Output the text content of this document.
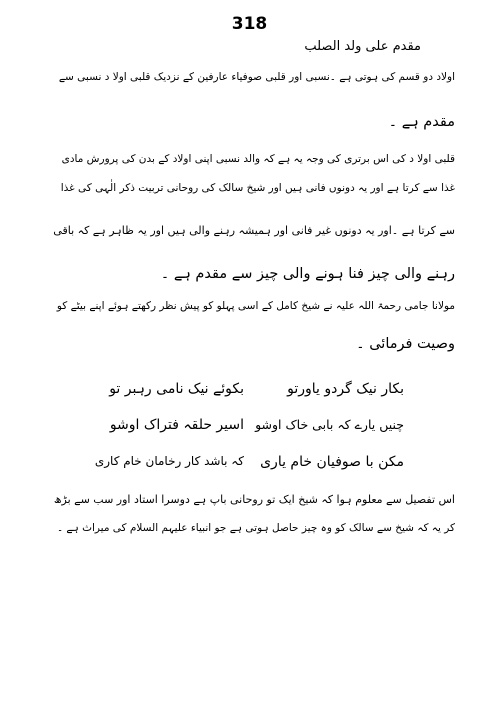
318
مقدم علی ولد الصلب
اولاد دو قسم کی ہوتی ہے ۔نسبی اور قلبی صوفیاء عارفین کے نزدیک قلبی اولا د نسبی سے
مقدم ہے ۔
قلبی اولا د کی اس برتری کی وجہ یہ ہے کہ والد نسبی اپنی اولاد کے بدن کی پرورش مادی
غذا سے کرتا ہے اور یہ دونوں فانی ہیں اور شیخ سالک کی روحانی تربیت ذکر الٰہی کی غذا
سے کرتا ہے ۔اور یہ دونوں غیر فانی اور ہمیشہ رہنے والی ہیں اور یہ ظاہر ہے کہ باقی
رہنے والی چیز فنا ہونے والی چیز سے مقدم ہے ۔
مولانا جامی رحمۃ اللہ علیہ نے شیخ کامل کے اسی پہلو کو پیش نظر رکھتے ہوئے اپنے بیٹے کو
وصیت فرمائی ۔
بکار نیک گردو یاورتو
بکوئے نیک نامی رہبر تو
چنیں یارے کہ بابی خاک اوشو
اسیر حلقہ فتراک اوشو
مکن با صوفیان خام یاری
کہ باشد کار رخامان خام کاری
اس تفصیل سے معلوم ہوا کہ شیخ ایک تو روحانی باپ ہے دوسرا استاد اور سب سے بڑھ
کر یہ کہ شیخ سے سالک کو وہ چیز حاصل ہوتی ہے جو انبیاء علیہم السلام کی میراث ہے ۔
